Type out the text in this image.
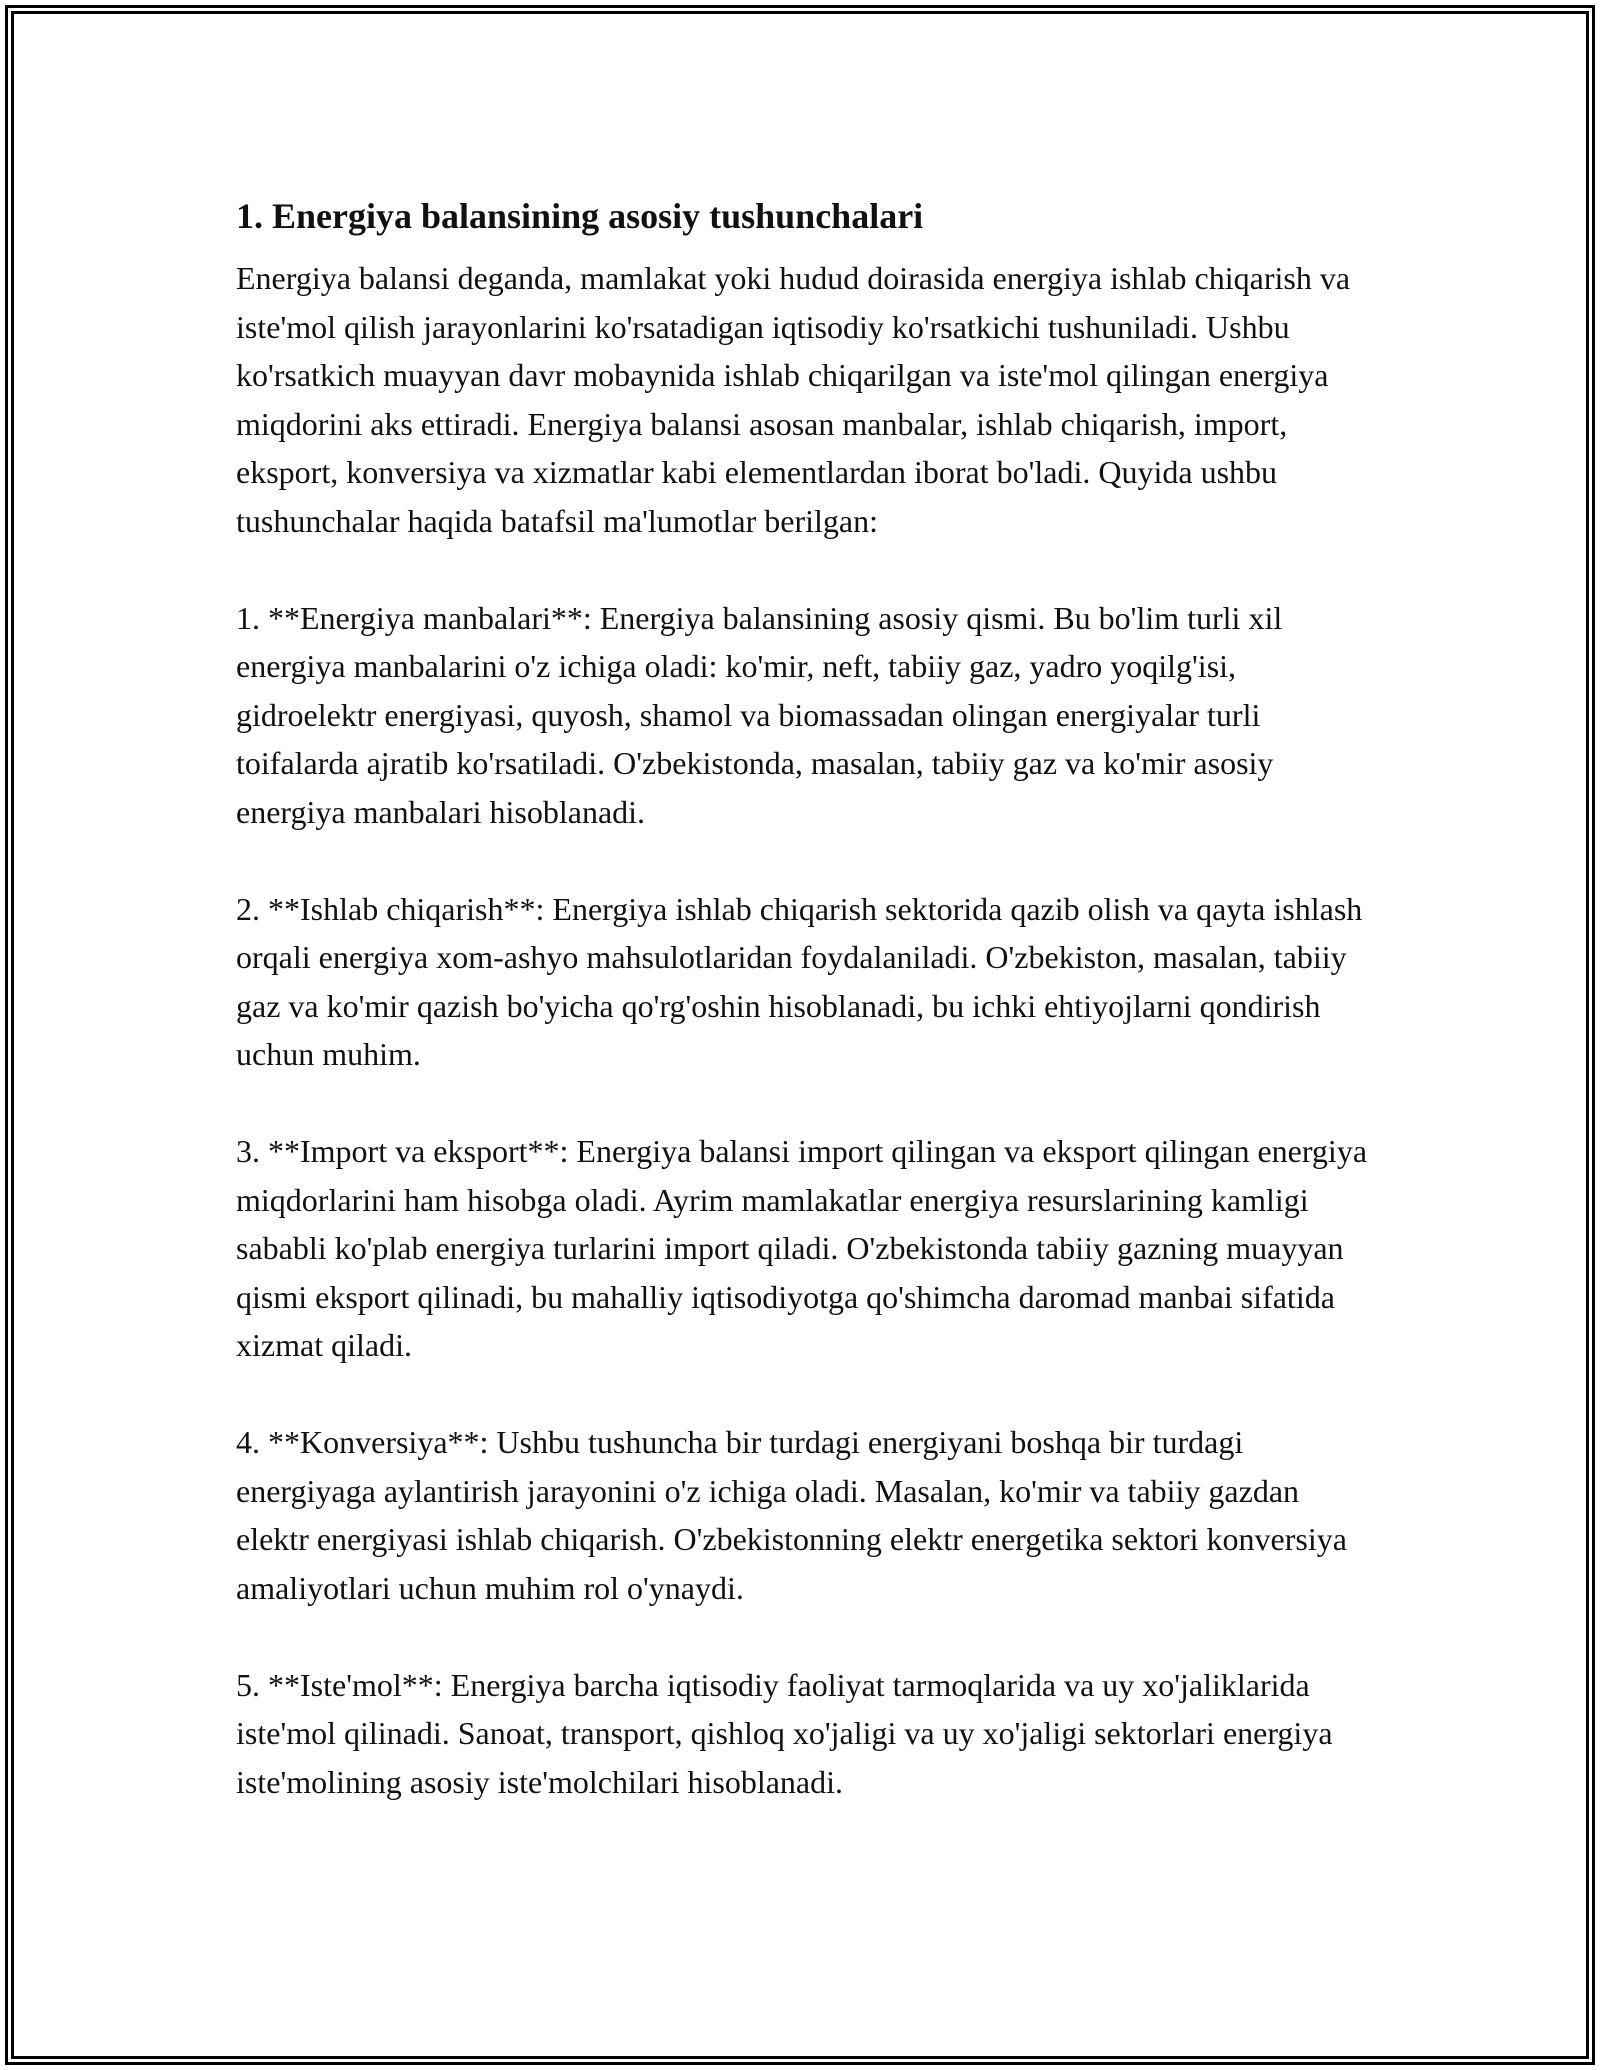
1. Energiya balansining asosiy tushunchalari

Energiya balansi deganda, mamlakat yoki hudud doirasida energiya ishlab chiqarish va iste'mol qilish jarayonlarini ko'rsatadigan iqtisodiy ko'rsatkichi tushuniladi. Ushbu ko'rsatkich muayyan davr mobaynida ishlab chiqarilgan va iste'mol qilingan energiya miqdorini aks ettiradi. Energiya balansi asosan manbalar, ishlab chiqarish, import, eksport, konversiya va xizmatlar kabi elementlardan iborat bo'ladi. Quyida ushbu tushunchalar haqida batafsil ma'lumotlar berilgan:

1. **Energiya manbalari**: Energiya balansining asosiy qismi. Bu bo'lim turli xil energiya manbalarini o'z ichiga oladi: ko'mir, neft, tabiiy gaz, yadro yoqilg'isi, gidroelektr energiyasi, quyosh, shamol va biomassadan olingan energiyalar turli toifalarda ajratib ko'rsatiladi. O'zbekistonda, masalan, tabiiy gaz va ko'mir asosiy energiya manbalari hisoblanadi.

2. **Ishlab chiqarish**: Energiya ishlab chiqarish sektorida qazib olish va qayta ishlash orqali energiya xom-ashyo mahsulotlaridan foydalaniladi. O'zbekiston, masalan, tabiiy gaz va ko'mir qazish bo'yicha qo'rg'oshin hisoblanadi, bu ichki ehtiyojlarni qondirish uchun muhim.

3. **Import va eksport**: Energiya balansi import qilingan va eksport qilingan energiya miqdorlarini ham hisobga oladi. Ayrim mamlakatlar energiya resurslarining kamligi sababli ko'plab energiya turlarini import qiladi. O'zbekistonda tabiiy gazning muayyan qismi eksport qilinadi, bu mahalliy iqtisodiyotga qo'shimcha daromad manbai sifatida xizmat qiladi.

4. **Konversiya**: Ushbu tushuncha bir turdagi energiyani boshqa bir turdagi energiyaga aylantirish jarayonini o'z ichiga oladi. Masalan, ko'mir va tabiiy gazdan elektr energiyasi ishlab chiqarish. O'zbekistonning elektr energetika sektori konversiya amaliyotlari uchun muhim rol o'ynaydi.

5. **Iste'mol**: Energiya barcha iqtisodiy faoliyat tarmoqlarida va uy xo'jaliklarida iste'mol qilinadi. Sanoat, transport, qishloq xo'jaligi va uy xo'jaligi sektorlari energiya iste'molining asosiy iste'molchilari hisoblanadi.
